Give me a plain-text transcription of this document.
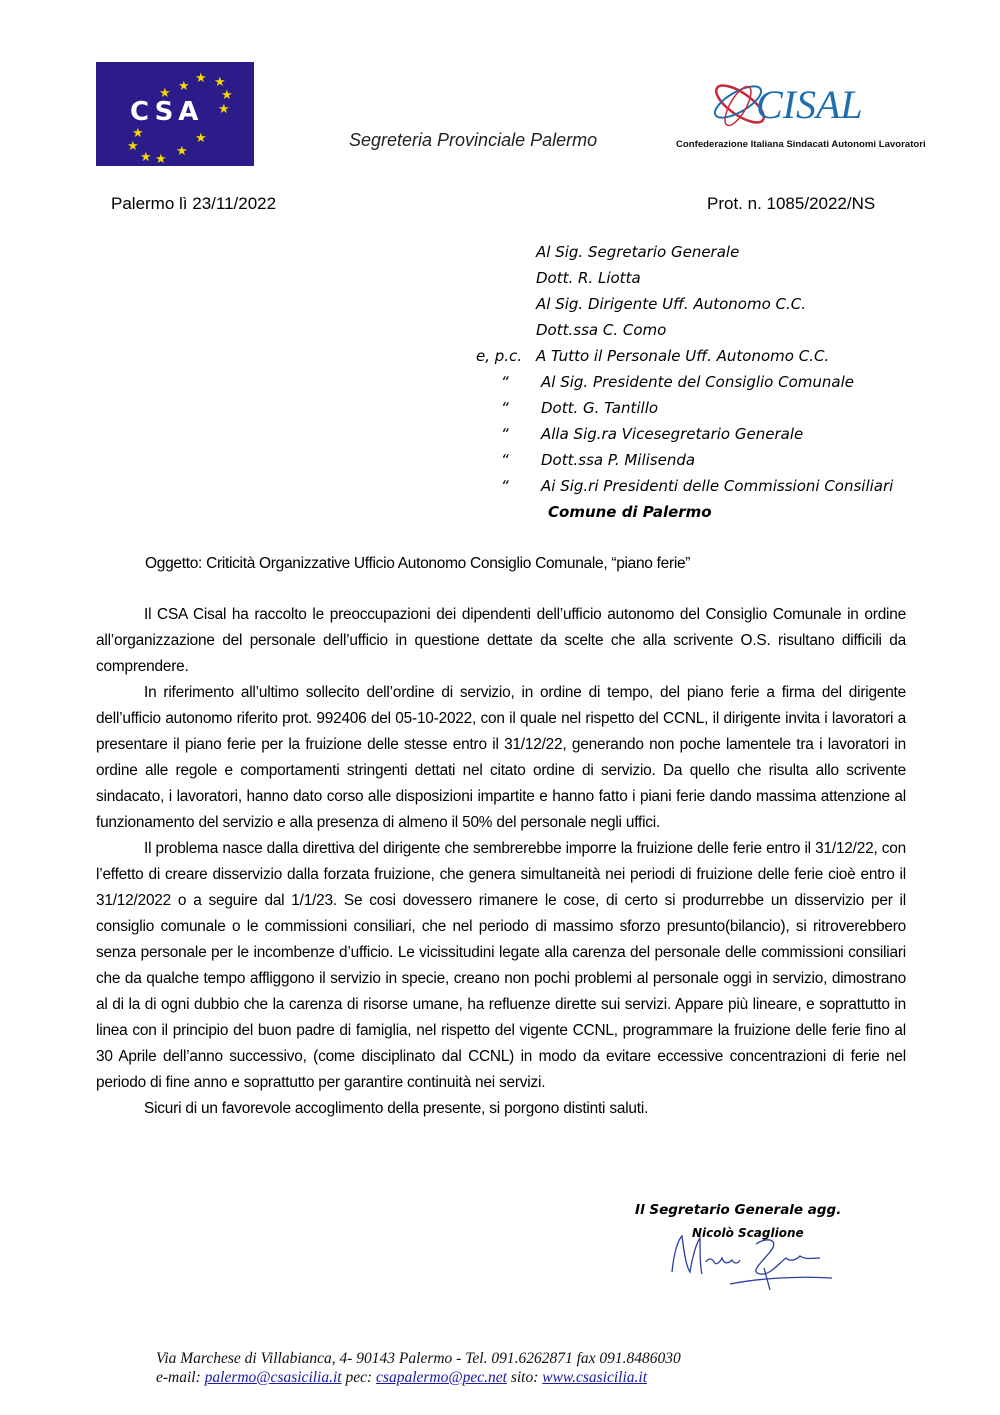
★ ★
★ ★
★
★
★
★
★ ★
★
★
CSA
Segreteria Provinciale Palermo
CISAL
Confederazione Italiana Sindacati Autonomi Lavoratori
Palermo lì 23/11/2022	Prot. n. 1085/2022/NS
Al Sig. Segretario Generale
Dott. R. Liotta
Al Sig. Dirigente Uff. Autonomo C.C.
Dott.ssa C. Como
e, p.c. A Tutto il Personale Uff. Autonomo C.C.
“ Al Sig. Presidente del Consiglio Comunale
“ Dott. G. Tantillo
“ Alla Sig.ra Vicesegretario Generale
“ Dott.ssa P. Milisenda
“ Ai Sig.ri Presidenti delle Commissioni Consiliari
Comune di Palermo
Oggetto: Criticità Organizzative Ufficio Autonomo Consiglio Comunale, “piano ferie”

Il CSA Cisal ha raccolto le preoccupazioni dei dipendenti dell’ufficio autonomo del Consiglio Comunale in ordine all’organizzazione del personale dell’ufficio in questione dettate da scelte che alla scrivente O.S. risultano difficili da comprendere.

In riferimento all’ultimo sollecito dell’ordine di servizio, in ordine di tempo, del piano ferie a firma del dirigente dell’ufficio autonomo riferito prot. 992406 del 05-10-2022, con il quale nel rispetto del CCNL, il dirigente invita i lavoratori a presentare il piano ferie per la fruizione delle stesse entro il 31/12/22, generando non poche lamentele tra i lavoratori in ordine alle regole e comportamenti stringenti dettati nel citato ordine di servizio. Da quello che risulta allo scrivente sindacato, i lavoratori, hanno dato corso alle disposizioni impartite e hanno fatto i piani ferie dando massima attenzione al funzionamento del servizio e alla presenza di almeno il 50% del personale negli uffici.

Il problema nasce dalla direttiva del dirigente che sembrerebbe imporre la fruizione delle ferie entro il 31/12/22, con l’effetto di creare disservizio dalla forzata fruizione, che genera simultaneità nei periodi di fruizione delle ferie cioè entro il 31/12/2022 o a seguire dal 1/1/23. Se cosi dovessero rimanere le cose, di certo si produrrebbe un disservizio per il consiglio comunale o le commissioni consiliari, che nel periodo di massimo sforzo presunto(bilancio), si ritroverebbero senza personale per le incombenze d’ufficio. Le vicissitudini legate alla carenza del personale delle commissioni consiliari che da qualche tempo affliggono il servizio in specie, creano non pochi problemi al personale oggi in servizio, dimostrano al di la di ogni dubbio che la carenza di risorse umane, ha refluenze dirette sui servizi. Appare più lineare, e soprattutto in linea con il principio del buon padre di famiglia, nel rispetto del vigente CCNL, programmare la fruizione delle ferie fino al 30 Aprile dell’anno successivo, (come disciplinato dal CCNL) in modo da evitare eccessive concentrazioni di ferie nel periodo di fine anno e soprattutto per garantire continuità nei servizi.

Sicuri di un favorevole accoglimento della presente, si porgono distinti saluti.

Il Segretario Generale agg.
Nicolò Scaglione
Via Marchese di Villabianca, 4- 90143 Palermo - Tel. 091.6262871 fax 091.8486030
e-mail: palermo@csasicilia.it pec: csapalermo@pec.net sito: www.csasicilia.it
